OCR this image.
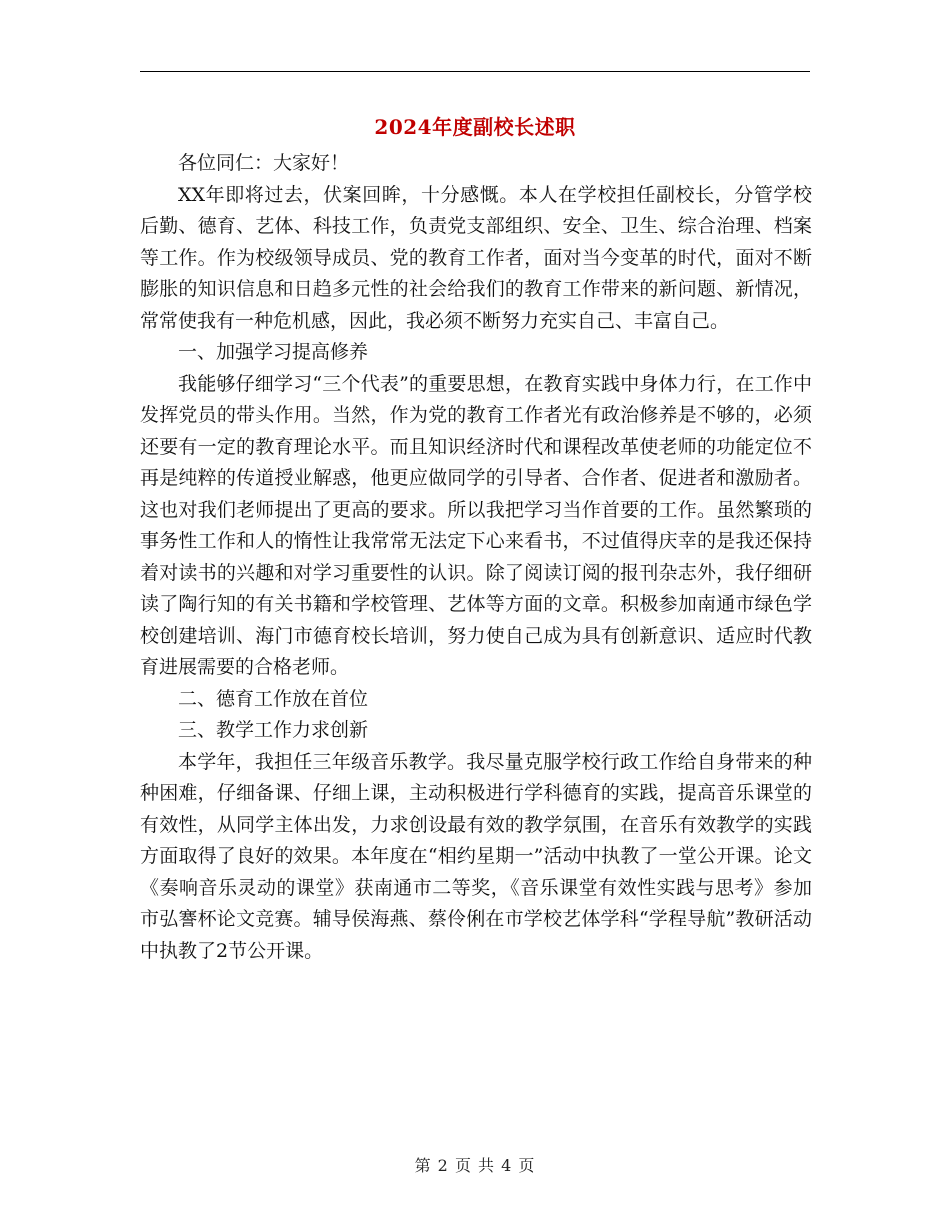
2024年度副校长述职

各位同仁：大家好！

XX年即将过去，伏案回眸，十分感慨。本人在学校担任副校长，分管学校后勤、德育、艺体、科技工作，负责党支部组织、安全、卫生、综合治理、档案等工作。作为校级领导成员、党的教育工作者，面对当今变革的时代，面对不断膨胀的知识信息和日趋多元性的社会给我们的教育工作带来的新问题、新情况，常常使我有一种危机感，因此，我必须不断努力充实自己、丰富自己。

一、加强学习提高修养

我能够仔细学习“三个代表”的重要思想，在教育实践中身体力行，在工作中发挥党员的带头作用。当然，作为党的教育工作者光有政治修养是不够的，必须还要有一定的教育理论水平。而且知识经济时代和课程改革使老师的功能定位不再是纯粹的传道授业解惑，他更应做同学的引导者、合作者、促进者和激励者。这也对我们老师提出了更高的要求。所以我把学习当作首要的工作。虽然繁琐的事务性工作和人的惰性让我常常无法定下心来看书，不过值得庆幸的是我还保持着对读书的兴趣和对学习重要性的认识。除了阅读订阅的报刊杂志外，我仔细研读了陶行知的有关书籍和学校管理、艺体等方面的文章。积极参加南通市绿色学校创建培训、海门市德育校长培训，努力使自己成为具有创新意识、适应时代教育进展需要的合格老师。

二、德育工作放在首位

三、教学工作力求创新

本学年，我担任三年级音乐教学。我尽量克服学校行政工作给自身带来的种种困难，仔细备课、仔细上课，主动积极进行学科德育的实践，提高音乐课堂的有效性，从同学主体出发，力求创设最有效的教学氛围，在音乐有效教学的实践方面取得了良好的效果。本年度在“相约星期一”活动中执教了一堂公开课。论文《奏响音乐灵动的课堂》获南通市二等奖，《音乐课堂有效性实践与思考》参加市弘謇杯论文竞赛。辅导侯海燕、蔡伶俐在市学校艺体学科“学程导航”教研活动中执教了2节公开课。

第 2 页 共 4 页
